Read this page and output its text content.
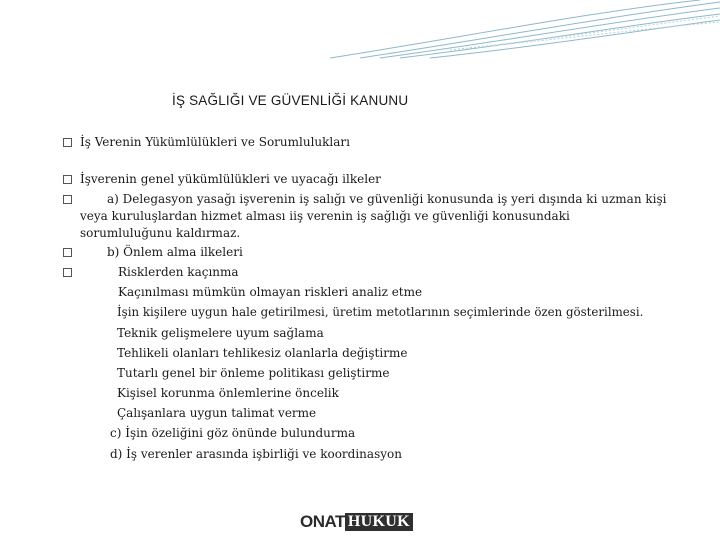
İŞ SAĞLIĞI VE GÜVENLİĞİ KANUNU
İş Verenin Yükümlülükleri ve Sorumlulukları
İşverenin genel yükümlülükleri ve uyacağı ilkeler
a) Delegasyon yasağı işverenin iş salığı ve güvenliği konusunda iş yeri dışında ki uzman kişi
veya kuruluşlardan hizmet alması iiş verenin iş sağlığı ve güvenliği konusundaki
sorumluluğunu kaldırmaz.
b) Önlem alma ilkeleri
Risklerden kaçınma
Kaçınılması mümkün olmayan riskleri analiz etme
İşin kişilere uygun hale getirilmesi, üretim metotlarının seçimlerinde özen gösterilmesi.
Teknik gelişmelere uyum sağlama
Tehlikeli olanları tehlikesiz olanlarla değiştirme
Tutarlı genel bir önleme politikası geliştirme
Kişisel korunma önlemlerine öncelik
Çalışanlara uygun talimat verme
c) İşin özeliğini göz önünde bulundurma
d) İş verenler arasında işbirliği ve koordinasyon
ONAT HUKUK
